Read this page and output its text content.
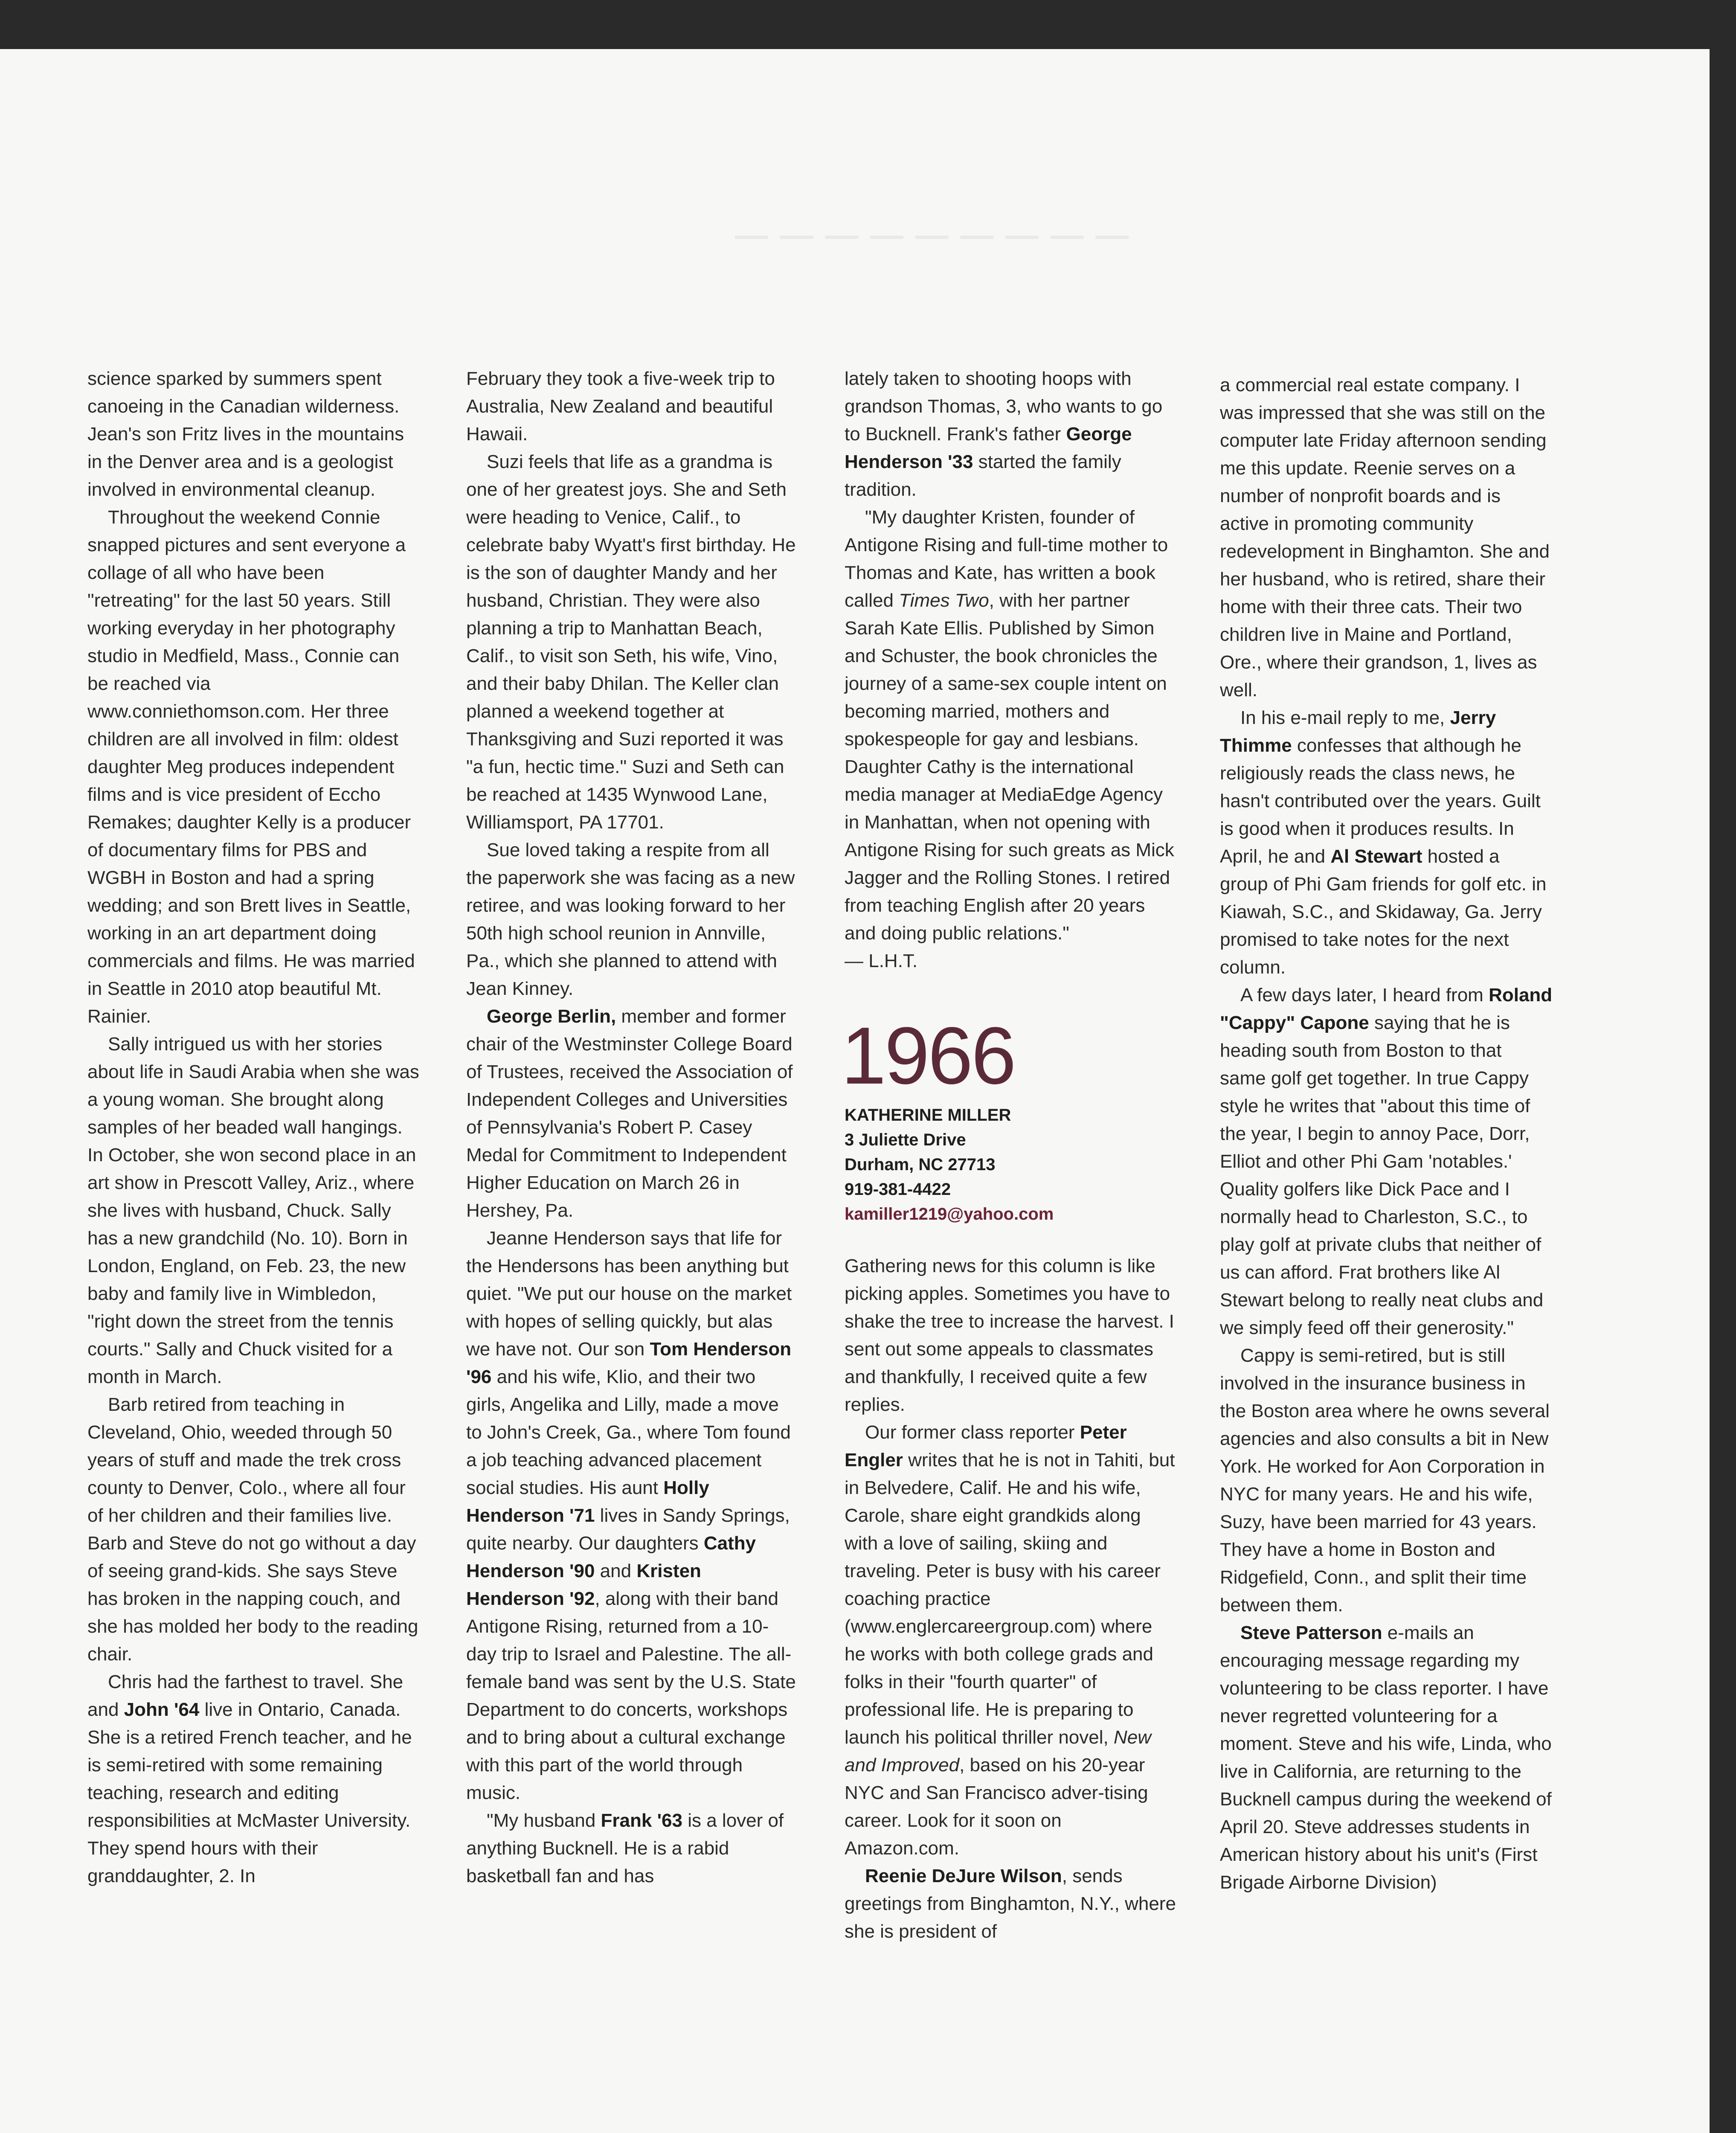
— — — — — — — — —

science sparked by summers spent canoeing in the Canadian wilderness. Jean's son Fritz lives in the mountains in the Denver area and is a geologist involved in environmental cleanup.

Throughout the weekend Connie snapped pictures and sent everyone a collage of all who have been "retreating" for the last 50 years. Still working everyday in her photography studio in Medfield, Mass., Connie can be reached via www.conniethomson.com. Her three children are all involved in film: oldest daughter Meg produces independent films and is vice president of Eccho Remakes; daughter Kelly is a producer of documentary films for PBS and WGBH in Boston and had a spring wedding; and son Brett lives in Seattle, working in an art department doing commercials and films. He was married in Seattle in 2010 atop beautiful Mt. Rainier.

Sally intrigued us with her stories about life in Saudi Arabia when she was a young woman. She brought along samples of her beaded wall hangings. In October, she won second place in an art show in Prescott Valley, Ariz., where she lives with husband, Chuck. Sally has a new grandchild (No. 10). Born in London, England, on Feb. 23, the new baby and family live in Wimbledon, "right down the street from the tennis courts." Sally and Chuck visited for a month in March.

Barb retired from teaching in Cleveland, Ohio, weeded through 50 years of stuff and made the trek cross county to Denver, Colo., where all four of her children and their families live. Barb and Steve do not go without a day of seeing grand-kids. She says Steve has broken in the napping couch, and she has molded her body to the reading chair.

Chris had the farthest to travel. She and John '64 live in Ontario, Canada. She is a retired French teacher, and he is semi-retired with some remaining teaching, research and editing responsibilities at McMaster University. They spend hours with their granddaughter, 2. In

February they took a five-week trip to Australia, New Zealand and beautiful Hawaii.

Suzi feels that life as a grandma is one of her greatest joys. She and Seth were heading to Venice, Calif., to celebrate baby Wyatt's first birthday. He is the son of daughter Mandy and her husband, Christian. They were also planning a trip to Manhattan Beach, Calif., to visit son Seth, his wife, Vino, and their baby Dhilan. The Keller clan planned a weekend together at Thanksgiving and Suzi reported it was "a fun, hectic time." Suzi and Seth can be reached at 1435 Wynwood Lane, Williamsport, PA 17701.

Sue loved taking a respite from all the paperwork she was facing as a new retiree, and was looking forward to her 50th high school reunion in Annville, Pa., which she planned to attend with Jean Kinney.

George Berlin, member and former chair of the Westminster College Board of Trustees, received the Association of Independent Colleges and Universities of Pennsylvania's Robert P. Casey Medal for Commitment to Independent Higher Education on March 26 in Hershey, Pa.

Jeanne Henderson says that life for the Hendersons has been anything but quiet. "We put our house on the market with hopes of selling quickly, but alas we have not. Our son Tom Henderson '96 and his wife, Klio, and their two girls, Angelika and Lilly, made a move to John's Creek, Ga., where Tom found a job teaching advanced placement social studies. His aunt Holly Henderson '71 lives in Sandy Springs, quite nearby. Our daughters Cathy Henderson '90 and Kristen Henderson '92, along with their band Antigone Rising, returned from a 10-day trip to Israel and Palestine. The all-female band was sent by the U.S. State Department to do concerts, workshops and to bring about a cultural exchange with this part of the world through music.

"My husband Frank '63 is a lover of anything Bucknell. He is a rabid basketball fan and has

lately taken to shooting hoops with grandson Thomas, 3, who wants to go to Bucknell. Frank's father George Henderson '33 started the family tradition.

"My daughter Kristen, founder of Antigone Rising and full-time mother to Thomas and Kate, has written a book called Times Two, with her partner Sarah Kate Ellis. Published by Simon and Schuster, the book chronicles the journey of a same-sex couple intent on becoming married, mothers and spokespeople for gay and lesbians. Daughter Cathy is the international media manager at MediaEdge Agency in Manhattan, when not opening with Antigone Rising for such greats as Mick Jagger and the Rolling Stones. I retired from teaching English after 20 years and doing public relations."

— L.H.T.

1966
KATHERINE MILLER
3 Juliette Drive
Durham, NC 27713
919-381-4422
kamiller1219@yahoo.com

Gathering news for this column is like picking apples. Sometimes you have to shake the tree to increase the harvest. I sent out some appeals to classmates and thankfully, I received quite a few replies.

Our former class reporter Peter Engler writes that he is not in Tahiti, but in Belvedere, Calif. He and his wife, Carole, share eight grandkids along with a love of sailing, skiing and traveling. Peter is busy with his career coaching practice (www.englercareergroup.com) where he works with both college grads and folks in their "fourth quarter" of professional life. He is preparing to launch his political thriller novel, New and Improved, based on his 20-year NYC and San Francisco adver-tising career. Look for it soon on Amazon.com.

Reenie DeJure Wilson, sends greetings from Binghamton, N.Y., where she is president of

a commercial real estate company. I was impressed that she was still on the computer late Friday afternoon sending me this update. Reenie serves on a number of nonprofit boards and is active in promoting community redevelopment in Binghamton. She and her husband, who is retired, share their home with their three cats. Their two children live in Maine and Portland, Ore., where their grandson, 1, lives as well.

In his e-mail reply to me, Jerry Thimme confesses that although he religiously reads the class news, he hasn't contributed over the years. Guilt is good when it produces results. In April, he and Al Stewart hosted a group of Phi Gam friends for golf etc. in Kiawah, S.C., and Skidaway, Ga. Jerry promised to take notes for the next column.

A few days later, I heard from Roland "Cappy" Capone saying that he is heading south from Boston to that same golf get together. In true Cappy style he writes that "about this time of the year, I begin to annoy Pace, Dorr, Elliot and other Phi Gam 'notables.' Quality golfers like Dick Pace and I normally head to Charleston, S.C., to play golf at private clubs that neither of us can afford. Frat brothers like Al Stewart belong to really neat clubs and we simply feed off their generosity."

Cappy is semi-retired, but is still involved in the insurance business in the Boston area where he owns several agencies and also consults a bit in New York. He worked for Aon Corporation in NYC for many years. He and his wife, Suzy, have been married for 43 years. They have a home in Boston and Ridgefield, Conn., and split their time between them.

Steve Patterson e-mails an encouraging message regarding my volunteering to be class reporter. I have never regretted volunteering for a moment. Steve and his wife, Linda, who live in California, are returning to the Bucknell campus during the weekend of April 20. Steve addresses students in American history about his unit's (First Brigade Airborne Division)
